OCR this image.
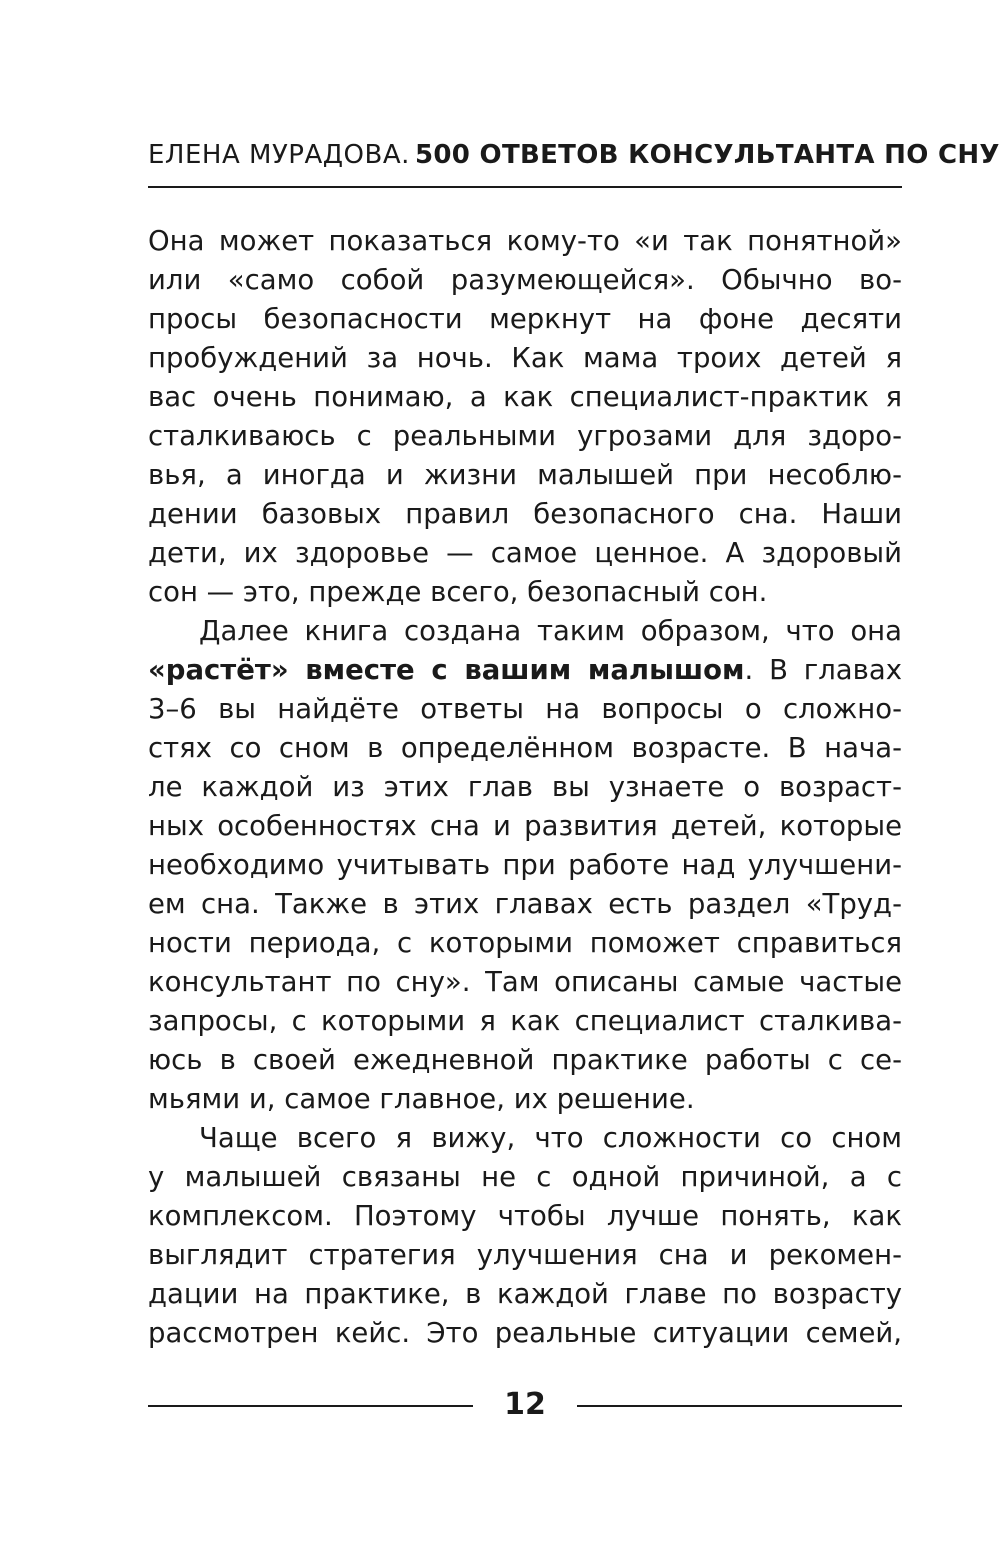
ЕЛЕНА МУРАДОВА. 500 ОТВЕТОВ КОНСУЛЬТАНТА ПО СНУ
Она может показаться кому-то «и так понятной»
или «само собой разумеющейся». Обычно во-
просы безопасности меркнут на фоне десяти
пробуждений за ночь. Как мама троих детей я
вас очень понимаю, а как специалист-практик я
сталкиваюсь с реальными угрозами для здоро-
вья, а иногда и жизни малышей при несоблю-
дении базовых правил безопасного сна. Наши
дети, их здоровье — самое ценное. А здоровый
сон — это, прежде всего, безопасный сон.
Далее книга создана таким образом, что она
«растёт» вместе с вашим малышом. В главах
3–6 вы найдёте ответы на вопросы о сложно-
стях со сном в определённом возрасте. В нача-
ле каждой из этих глав вы узнаете о возраст-
ных особенностях сна и развития детей, которые
необходимо учитывать при работе над улучшени-
ем сна. Также в этих главах есть раздел «Труд-
ности периода, с которыми поможет справиться
консультант по сну». Там описаны самые частые
запросы, с которыми я как специалист сталкива-
юсь в своей ежедневной практике работы с се-
мьями и, самое главное, их решение.
Чаще всего я вижу, что сложности со сном
у малышей связаны не с одной причиной, а с
комплексом. Поэтому чтобы лучше понять, как
выглядит стратегия улучшения сна и рекомен-
дации на практике, в каждой главе по возрасту
рассмотрен кейс. Это реальные ситуации семей,
12
